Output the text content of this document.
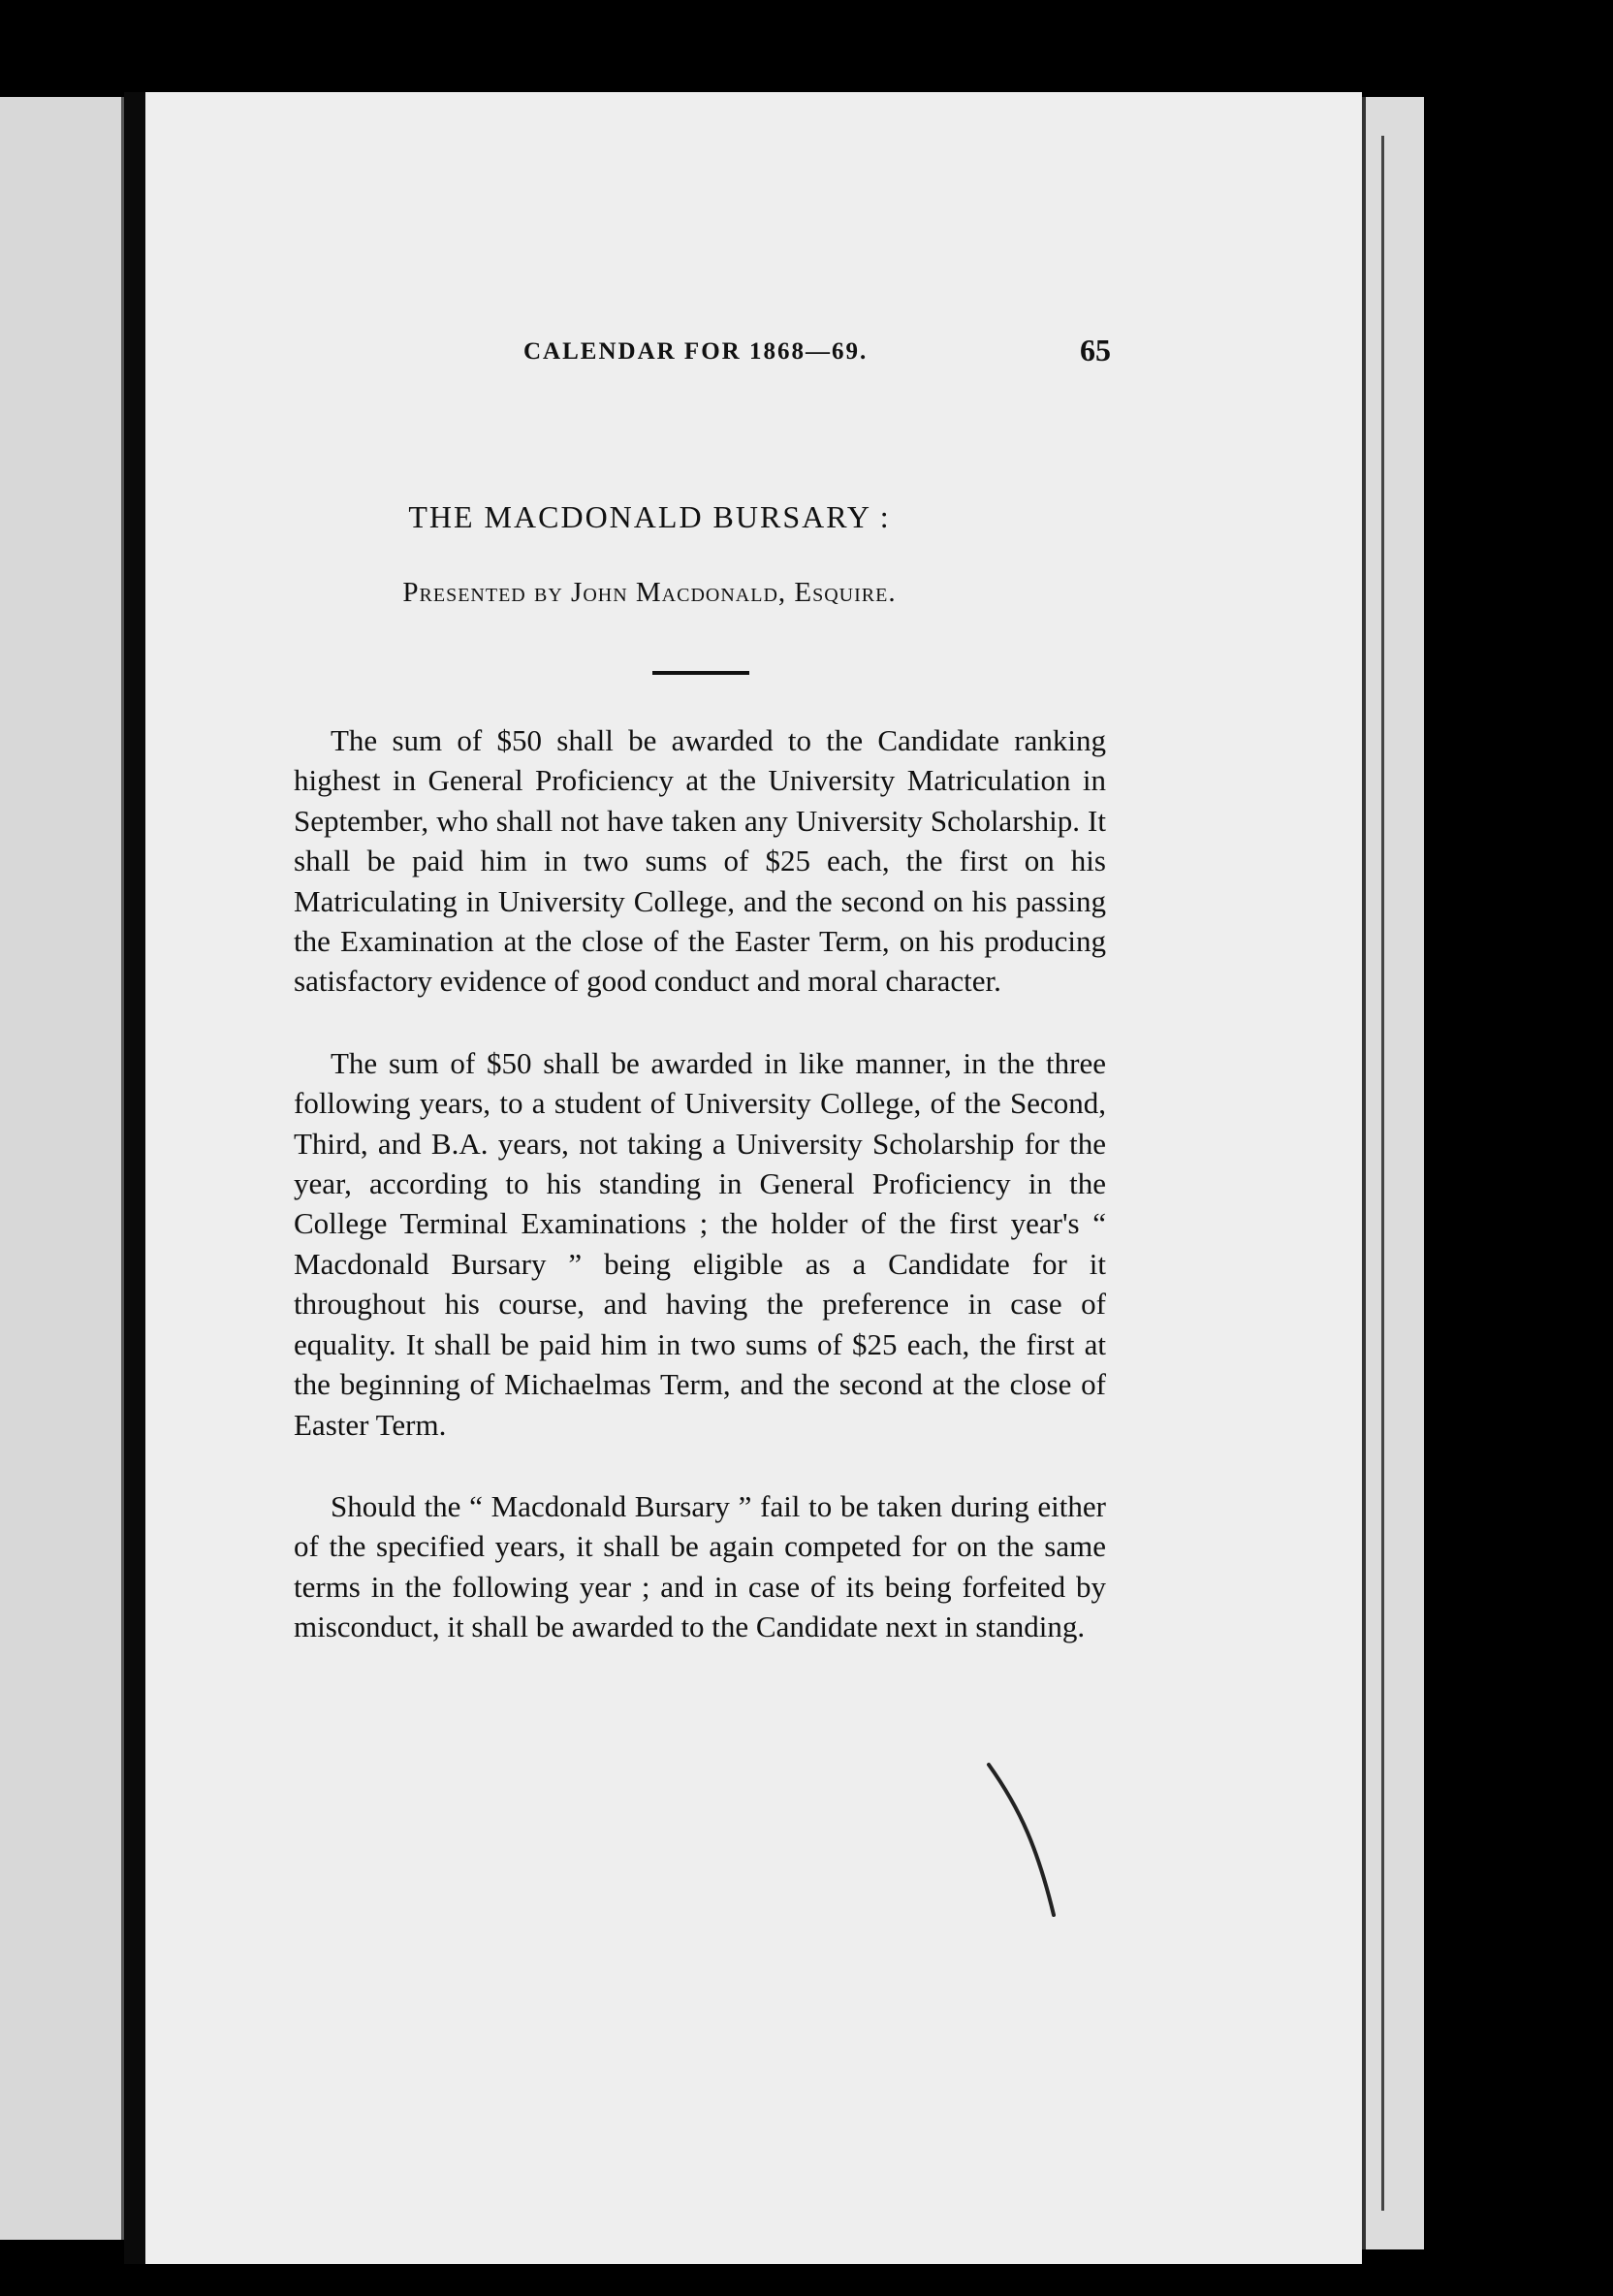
CALENDAR FOR 1868—69.	65
THE MACDONALD BURSARY :
Presented by John Macdonald, Esquire.

The sum of $50 shall be awarded to the Candidate ranking highest in General Proficiency at the University Matriculation in September, who shall not have taken any University Scholarship. It shall be paid him in two sums of $25 each, the first on his Matriculating in University College, and the second on his passing the Examination at the close of the Easter Term, on his producing satisfactory evidence of good conduct and moral character.

The sum of $50 shall be awarded in like manner, in the three following years, to a student of University College, of the Second, Third, and B.A. years, not taking a University Scholarship for the year, according to his standing in General Proficiency in the College Terminal Examinations ; the holder of the first year's “ Macdonald Bursary ” being eligible as a Candidate for it throughout his course, and having the preference in case of equality. It shall be paid him in two sums of $25 each, the first at the beginning of Michaelmas Term, and the second at the close of Easter Term.

Should the “ Macdonald Bursary ” fail to be taken during either of the specified years, it shall be again competed for on the same terms in the following year ; and in case of its being forfeited by misconduct, it shall be awarded to the Candidate next in standing.
